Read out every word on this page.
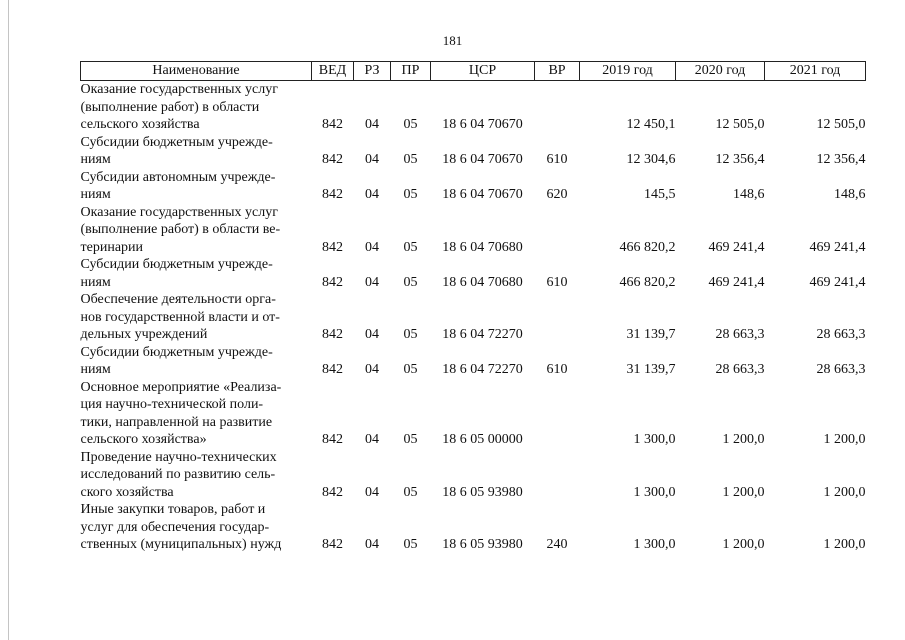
181
Наименование	ВЕД	РЗ	ПР	ЦСР	ВР	2019 год	2020 год	2021 год

Оказание государственных услуг
(выполнение работ) в области
сельского хозяйства	842	04	05	18 6 04 70670		12 450,1	12 505,0	12 505,0

Субсидии бюджетным учрежде-
ниям	842	04	05	18 6 04 70670	610	12 304,6	12 356,4	12 356,4

Субсидии автономным учрежде-
ниям	842	04	05	18 6 04 70670	620	145,5	148,6	148,6

Оказание государственных услуг
(выполнение работ) в области ве-
теринарии	842	04	05	18 6 04 70680		466 820,2	469 241,4	469 241,4

Субсидии бюджетным учрежде-
ниям	842	04	05	18 6 04 70680	610	466 820,2	469 241,4	469 241,4

Обеспечение деятельности орга-
нов государственной власти и от-
дельных учреждений	842	04	05	18 6 04 72270		31 139,7	28 663,3	28 663,3

Субсидии бюджетным учрежде-
ниям	842	04	05	18 6 04 72270	610	31 139,7	28 663,3	28 663,3

Основное мероприятие «Реализа-
ция научно-технической поли-
тики, направленной на развитие
сельского хозяйства»	842	04	05	18 6 05 00000		1 300,0	1 200,0	1 200,0

Проведение научно-технических
исследований по развитию сель-
ского хозяйства	842	04	05	18 6 05 93980		1 300,0	1 200,0	1 200,0

Иные закупки товаров, работ и
услуг для обеспечения государ-
ственных (муниципальных) нужд	842	04	05	18 6 05 93980	240	1 300,0	1 200,0	1 200,0
